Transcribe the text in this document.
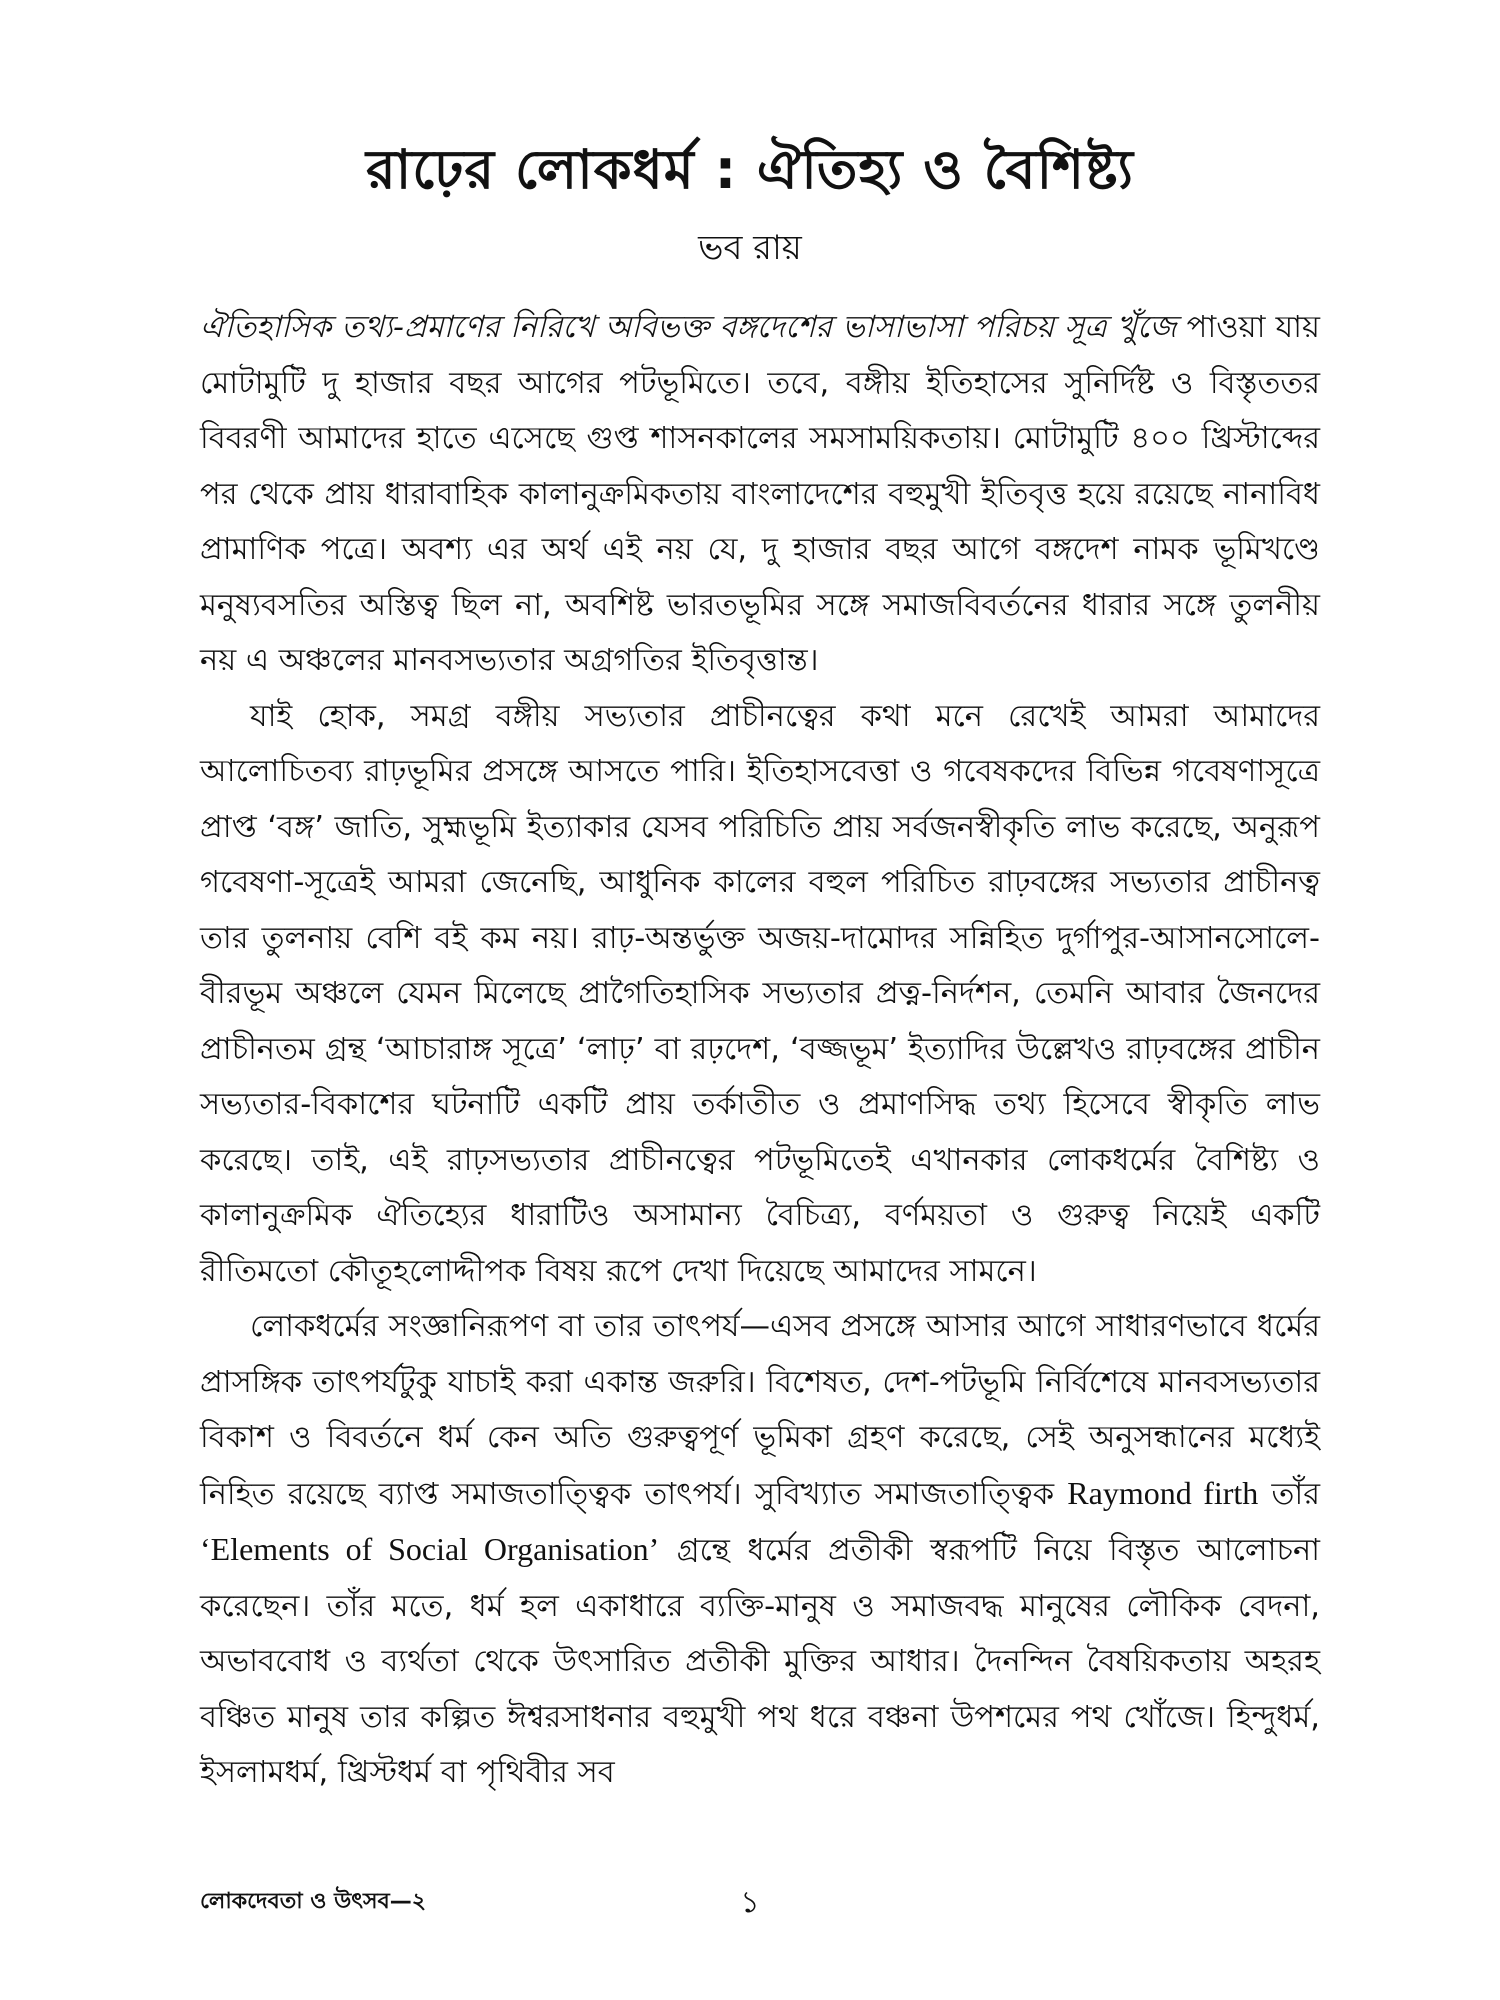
রাঢ়ের লোকধর্ম : ঐতিহ্য ও বৈশিষ্ট্য
ভব রায়

ঐতিহাসিক তথ্য-প্রমাণের নিরিখে অবিভক্ত বঙ্গদেশের ভাসাভাসা পরিচয় সূত্র খুঁজে পাওয়া যায় মোটামুটি দু হাজার বছর আগের পটভূমিতে। তবে, বঙ্গীয় ইতিহাসের সুনির্দিষ্ট ও বিস্তৃততর বিবরণী আমাদের হাতে এসেছে গুপ্ত শাসনকালের সমসাময়িকতায়। মোটামুটি ৪০০ খ্রিস্টাব্দের পর থেকে প্রায় ধারাবাহিক কালানুক্রমিকতায় বাংলাদেশের বহুমুখী ইতিবৃত্ত হয়ে রয়েছে নানাবিধ প্রামাণিক পত্রে। অবশ্য এর অর্থ এই নয় যে, দু হাজার বছর আগে বঙ্গদেশ নামক ভূমিখণ্ডে মনুষ্যবসতির অস্তিত্ব ছিল না, অবশিষ্ট ভারতভূমির সঙ্গে সমাজবিবর্তনের ধারার সঙ্গে তুলনীয় নয় এ অঞ্চলের মানবসভ্যতার অগ্রগতির ইতিবৃত্তান্ত।

যাই হোক, সমগ্র বঙ্গীয় সভ্যতার প্রাচীনত্বের কথা মনে রেখেই আমরা আমাদের আলোচিতব্য রাঢ়ভূমির প্রসঙ্গে আসতে পারি। ইতিহাসবেত্তা ও গবেষকদের বিভিন্ন গবেষণাসূত্রে প্রাপ্ত ‘বঙ্গ’ জাতি, সুহ্মভূমি ইত্যাকার যেসব পরিচিতি প্রায় সর্বজনস্বীকৃতি লাভ করেছে, অনুরূপ গবেষণা-সূত্রেই আমরা জেনেছি, আধুনিক কালের বহুল পরিচিত রাঢ়বঙ্গের সভ্যতার প্রাচীনত্ব তার তুলনায় বেশি বই কম নয়। রাঢ়-অন্তর্ভুক্ত অজয়-দামোদর সন্নিহিত দুর্গাপুর-আসানসোলে-বীরভূম অঞ্চলে যেমন মিলেছে প্রাগৈতিহাসিক সভ্যতার প্রত্ন-নির্দশন, তেমনি আবার জৈনদের প্রাচীনতম গ্রন্থ ‘আচারাঙ্গ সূত্রে’ ‘লাঢ়’ বা রঢ়দেশ, ‘বজ্জভূম’ ইত্যাদির উল্লেখও রাঢ়বঙ্গের প্রাচীন সভ্যতার-বিকাশের ঘটনাটি একটি প্রায় তর্কাতীত ও প্রমাণসিদ্ধ তথ্য হিসেবে স্বীকৃতি লাভ করেছে। তাই, এই রাঢ়সভ্যতার প্রাচীনত্বের পটভূমিতেই এখানকার লোকধর্মের বৈশিষ্ট্য ও কালানুক্রমিক ঐতিহ্যের ধারাটিও অসামান্য বৈচিত্র্য, বর্ণময়তা ও গুরুত্ব নিয়েই একটি রীতিমতো কৌতূহলোদ্দীপক বিষয় রূপে দেখা দিয়েছে আমাদের সামনে।

লোকধর্মের সংজ্ঞানিরূপণ বা তার তাৎপর্য—এসব প্রসঙ্গে আসার আগে সাধারণভাবে ধর্মের প্রাসঙ্গিক তাৎপর্যটুকু যাচাই করা একান্ত জরুরি। বিশেষত, দেশ-পটভূমি নির্বিশেষে মানবসভ্যতার বিকাশ ও বিবর্তনে ধর্ম কেন অতি গুরুত্বপূর্ণ ভূমিকা গ্রহণ করেছে, সেই অনুসন্ধানের মধ্যেই নিহিত রয়েছে ব্যাপ্ত সমাজতাত্ত্বিক তাৎপর্য। সুবিখ্যাত সমাজতাত্ত্বিক Raymond firth তাঁর ‘Elements of Social Organisation’ গ্রন্থে ধর্মের প্রতীকী স্বরূপটি নিয়ে বিস্তৃত আলোচনা করেছেন। তাঁর মতে, ধর্ম হল একাধারে ব্যক্তি-মানুষ ও সমাজবদ্ধ মানুষের লৌকিক বেদনা, অভাববোধ ও ব্যর্থতা থেকে উৎসারিত প্রতীকী মুক্তির আধার। দৈনন্দিন বৈষয়িকতায় অহরহ বঞ্চিত মানুষ তার কল্পিত ঈশ্বরসাধনার বহুমুখী পথ ধরে বঞ্চনা উপশমের পথ খোঁজে। হিন্দুধর্ম, ইসলামধর্ম, খ্রিস্টধর্ম বা পৃথিবীর সব

লোকদেবতা ও উৎসব—২	১
